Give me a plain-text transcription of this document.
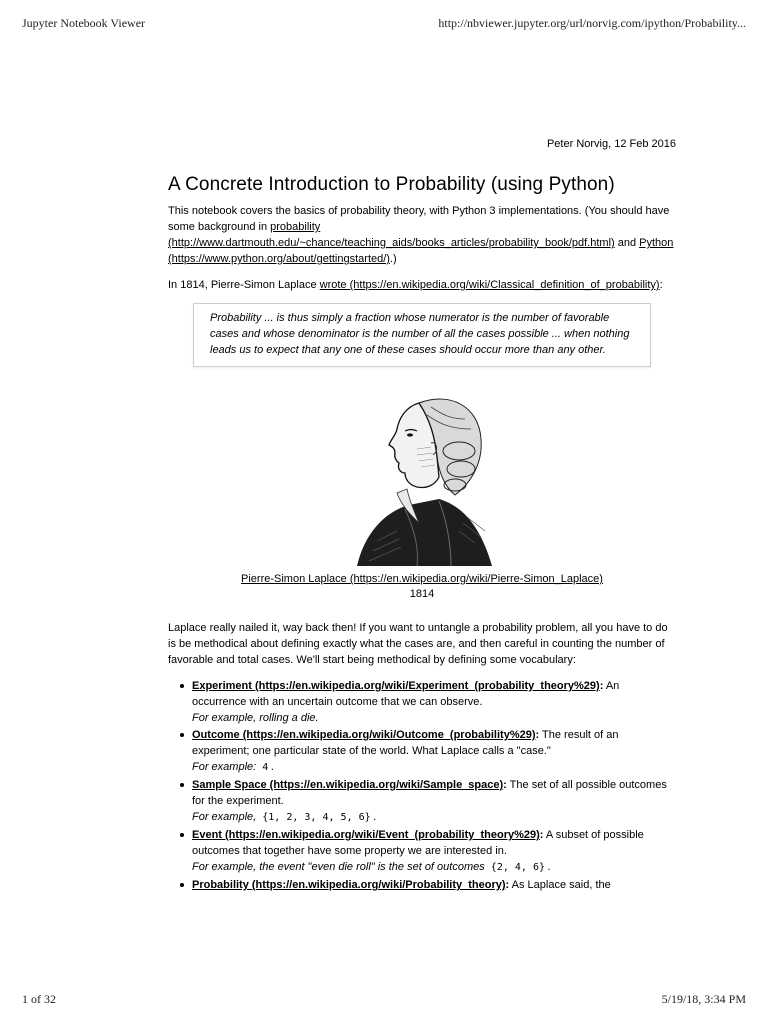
Jupyter Notebook Viewer	http://nbviewer.jupyter.org/url/norvig.com/ipython/Probability...
Peter Norvig, 12 Feb 2016
A Concrete Introduction to Probability (using Python)

This notebook covers the basics of probability theory, with Python 3 implementations. (You should have some background in probability (http://www.dartmouth.edu/~chance/teaching_aids/books_articles/probability_book/pdf.html) and Python (https://www.python.org/about/gettingstarted/).)

In 1814, Pierre-Simon Laplace wrote (https://en.wikipedia.org/wiki/Classical_definition_of_probability):

Probability ... is thus simply a fraction whose numerator is the number of favorable cases and whose denominator is the number of all the cases possible ... when nothing leads us to expect that any one of these cases should occur more than any other.
Pierre-Simon Laplace (https://en.wikipedia.org/wiki/Pierre-Simon_Laplace)
1814

Laplace really nailed it, way back then! If you want to untangle a probability problem, all you have to do is be methodical about defining exactly what the cases are, and then careful in counting the number of favorable and total cases. We'll start being methodical by defining some vocabulary:

Experiment (https://en.wikipedia.org/wiki/Experiment_(probability_theory%29): An occurrence with an uncertain outcome that we can observe.
For example, rolling a die.
Outcome (https://en.wikipedia.org/wiki/Outcome_(probability%29): The result of an experiment; one particular state of the world. What Laplace calls a "case."
For example: 4 .
Sample Space (https://en.wikipedia.org/wiki/Sample_space): The set of all possible outcomes for the experiment.
For example, {1, 2, 3, 4, 5, 6} .
Event (https://en.wikipedia.org/wiki/Event_(probability_theory%29): A subset of possible outcomes that together have some property we are interested in.
For example, the event "even die roll" is the set of outcomes {2, 4, 6} .
Probability (https://en.wikipedia.org/wiki/Probability_theory): As Laplace said, the
1 of 32	5/19/18, 3:34 PM
